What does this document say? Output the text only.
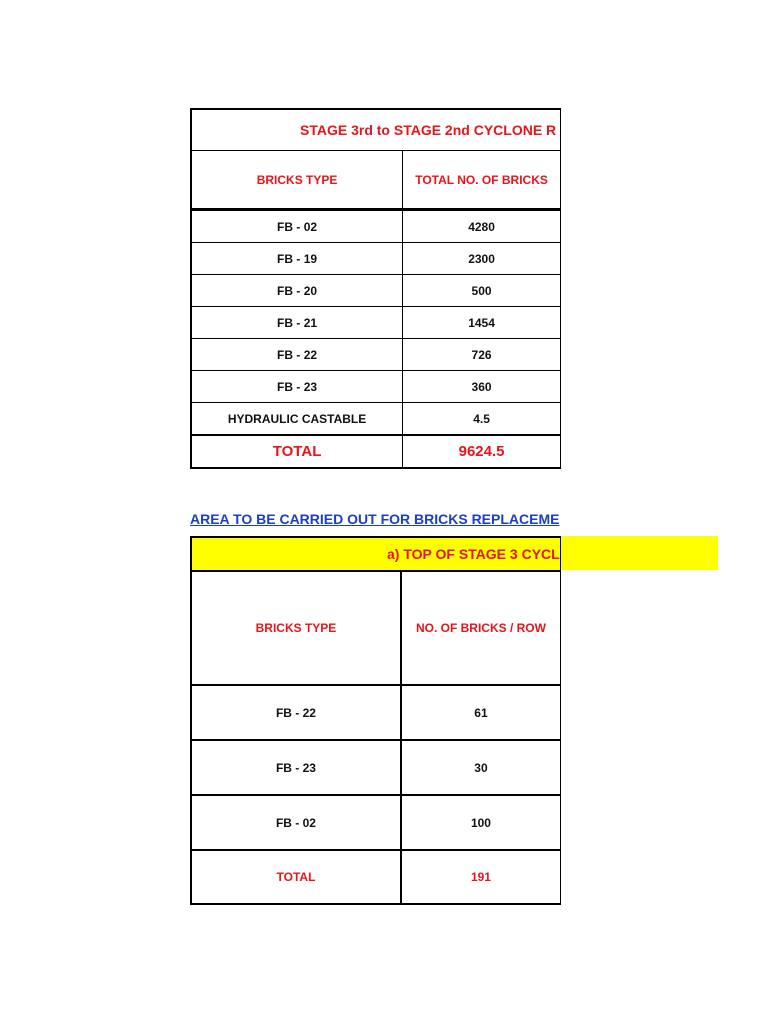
STAGE 3rd to STAGE 2nd CYCLONE R	
BRICKS TYPE	TOTAL NO. OF BRICKS
FB - 02	4280
FB - 19	2300
FB - 20	500
FB - 21	1454
FB - 22	726
FB - 23	360
HYDRAULIC CASTABLE	4.5
TOTAL	9624.5
AREA TO BE CARRIED OUT FOR BRICKS REPLACEME
a) TOP OF STAGE 3 CYCL	
BRICKS TYPE	NO. OF BRICKS / ROW
FB - 22	61
FB - 23	30
FB - 02	100
TOTAL	191
